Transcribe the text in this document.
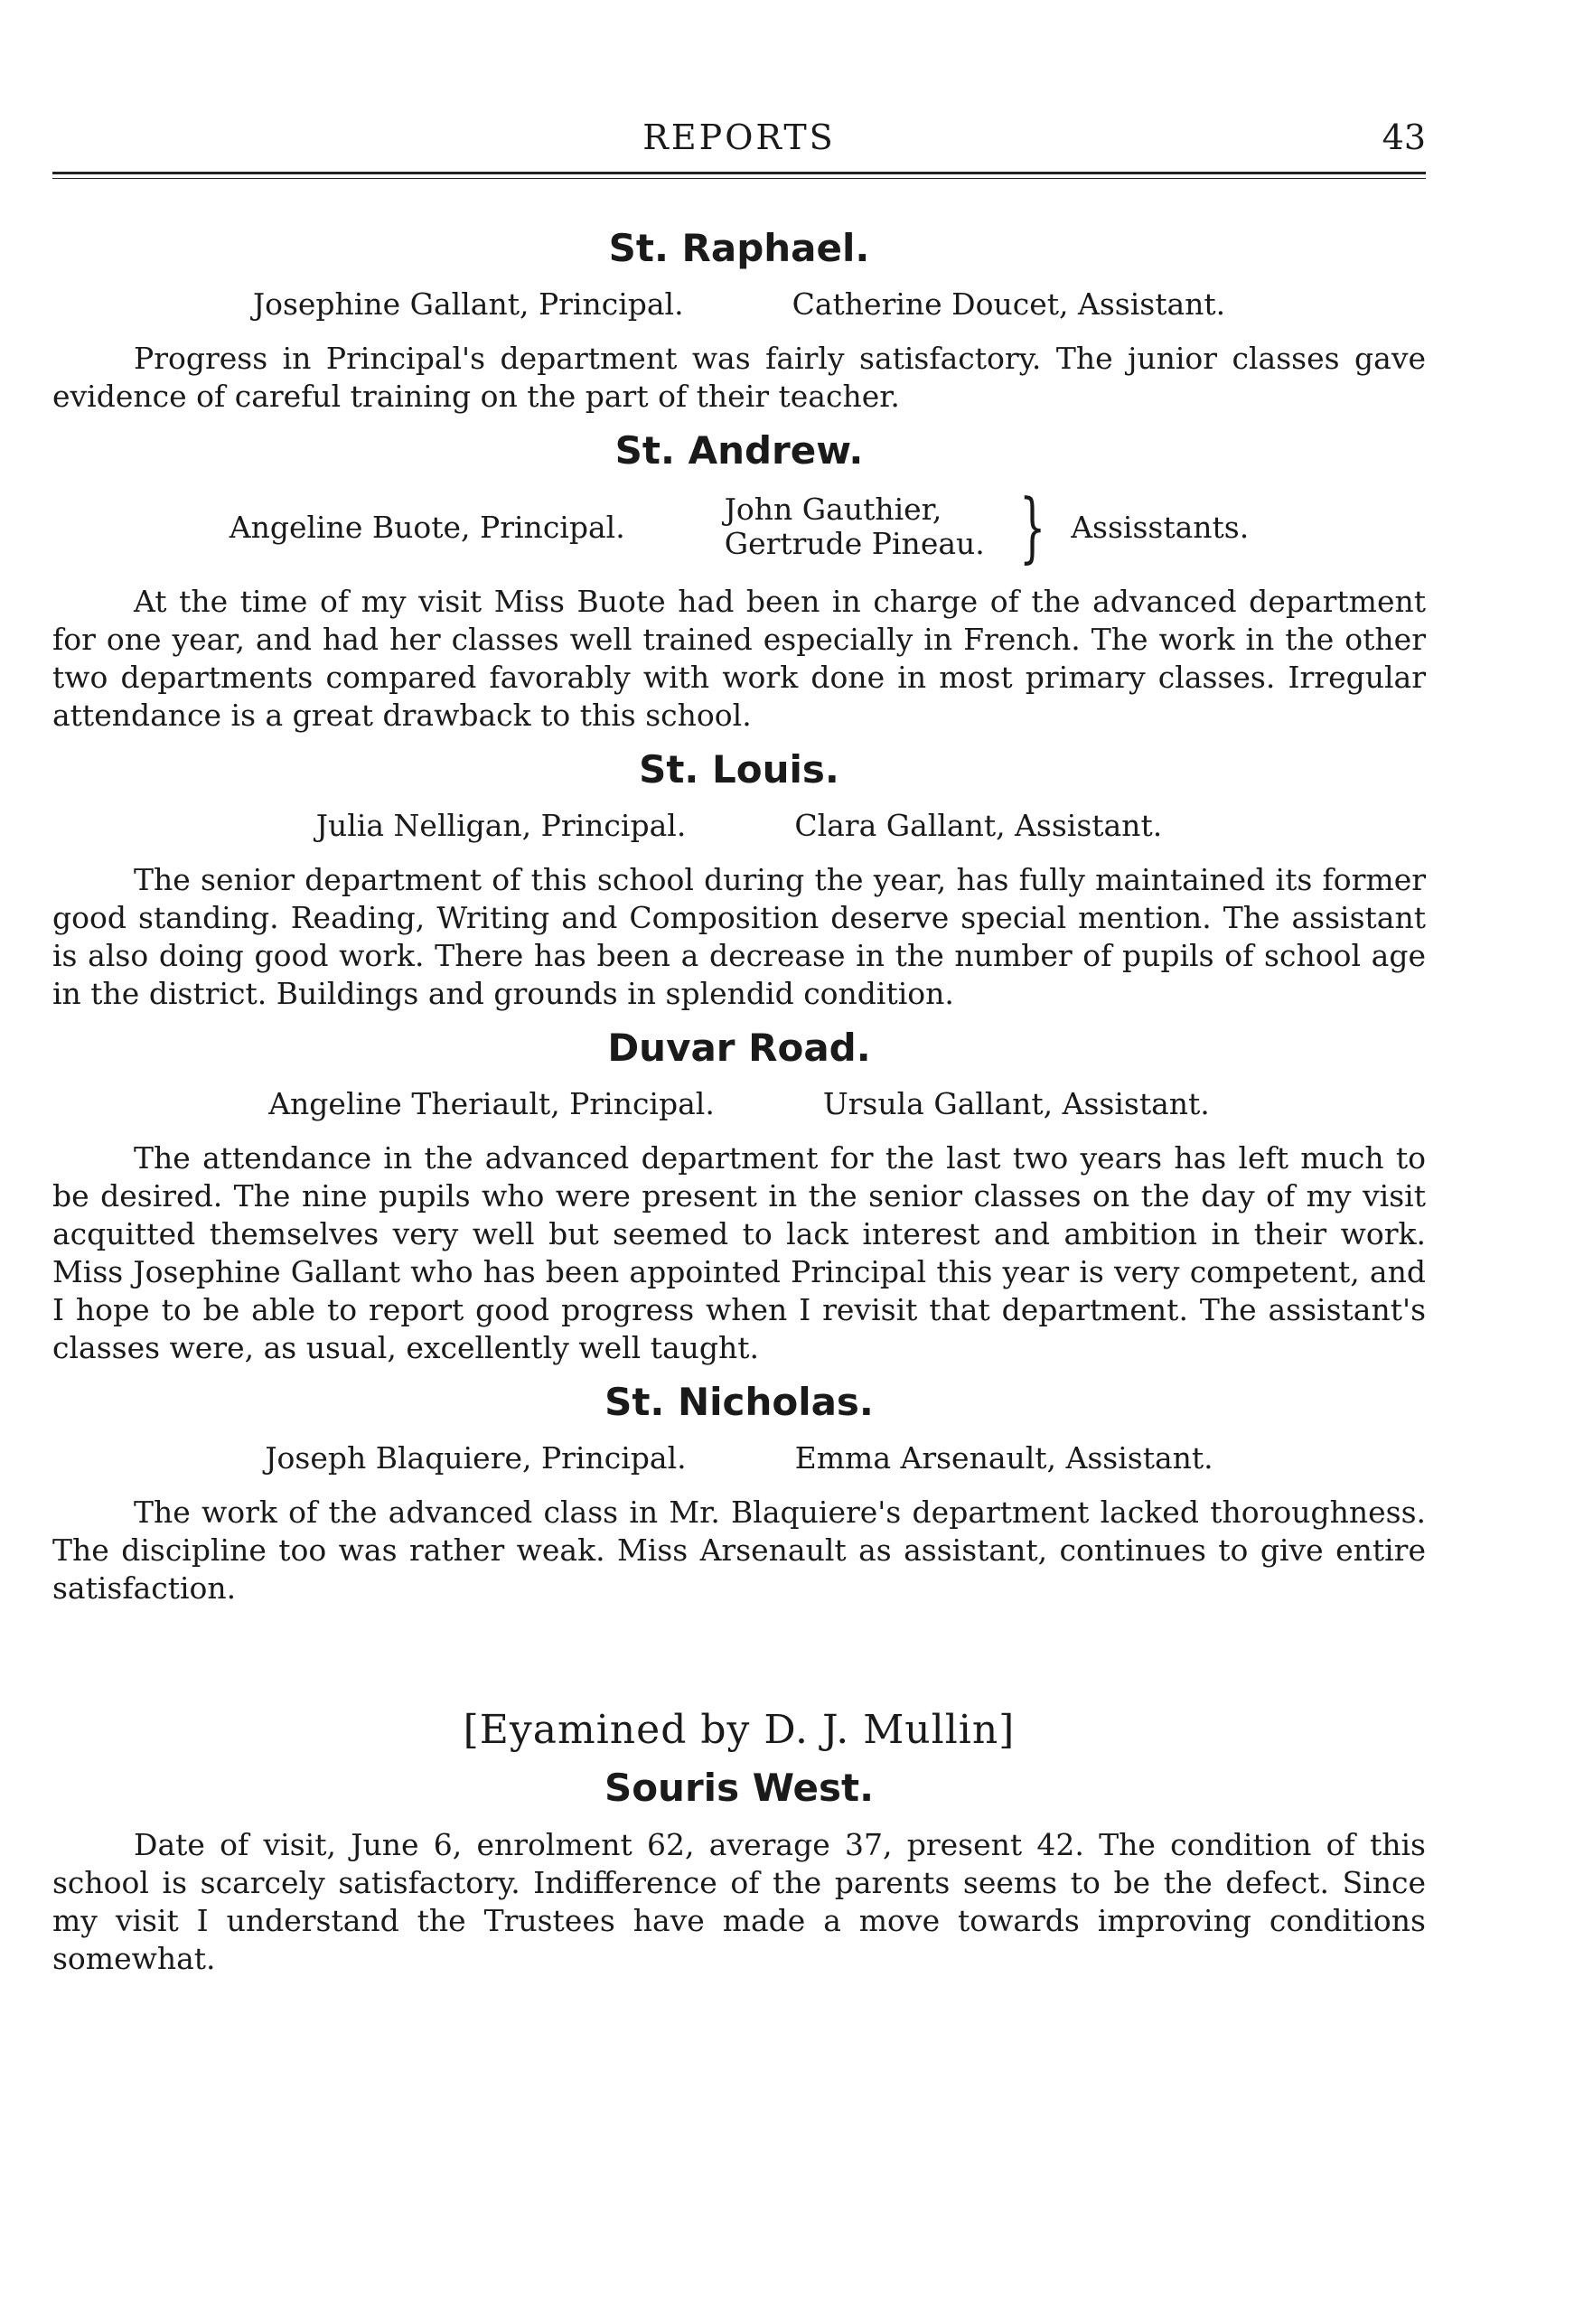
REPORTS	43
St. Raphael.
Josephine Gallant, Principal.	Catherine Doucet, Assistant.

Progress in Principal's department was fairly satisfactory. The junior classes gave evidence of careful training on the part of their teacher.

St. Andrew.
Angeline Buote, Principal.	John Gauthier,
Gertrude Pineau. } Assisstants.

At the time of my visit Miss Buote had been in charge of the advanced department for one year, and had her classes well trained especially in French. The work in the other two departments compared favorably with work done in most primary classes. Irregular attendance is a great drawback to this school.

St. Louis.
Julia Nelligan, Principal.	Clara Gallant, Assistant.

The senior department of this school during the year, has fully maintained its former good standing. Reading, Writing and Composition deserve special mention. The assistant is also doing good work. There has been a decrease in the number of pupils of school age in the district. Buildings and grounds in splendid condition.

Duvar Road.
Angeline Theriault, Principal.	Ursula Gallant, Assistant.

The attendance in the advanced department for the last two years has left much to be desired. The nine pupils who were present in the senior classes on the day of my visit acquitted themselves very well but seemed to lack interest and ambition in their work. Miss Josephine Gallant who has been appointed Principal this year is very competent, and I hope to be able to report good progress when I revisit that department. The assistant's classes were, as usual, excellently well taught.

St. Nicholas.
Joseph Blaquiere, Principal.	Emma Arsenault, Assistant.

The work of the advanced class in Mr. Blaquiere's department lacked thoroughness. The discipline too was rather weak. Miss Arsenault as assistant, continues to give entire satisfaction.

[Eyamined by D. J. Mullin]
Souris West.

Date of visit, June 6, enrolment 62, average 37, present 42. The condition of this school is scarcely satisfactory. Indifference of the parents seems to be the defect. Since my visit I understand the Trustees have made a move towards improving conditions somewhat.
